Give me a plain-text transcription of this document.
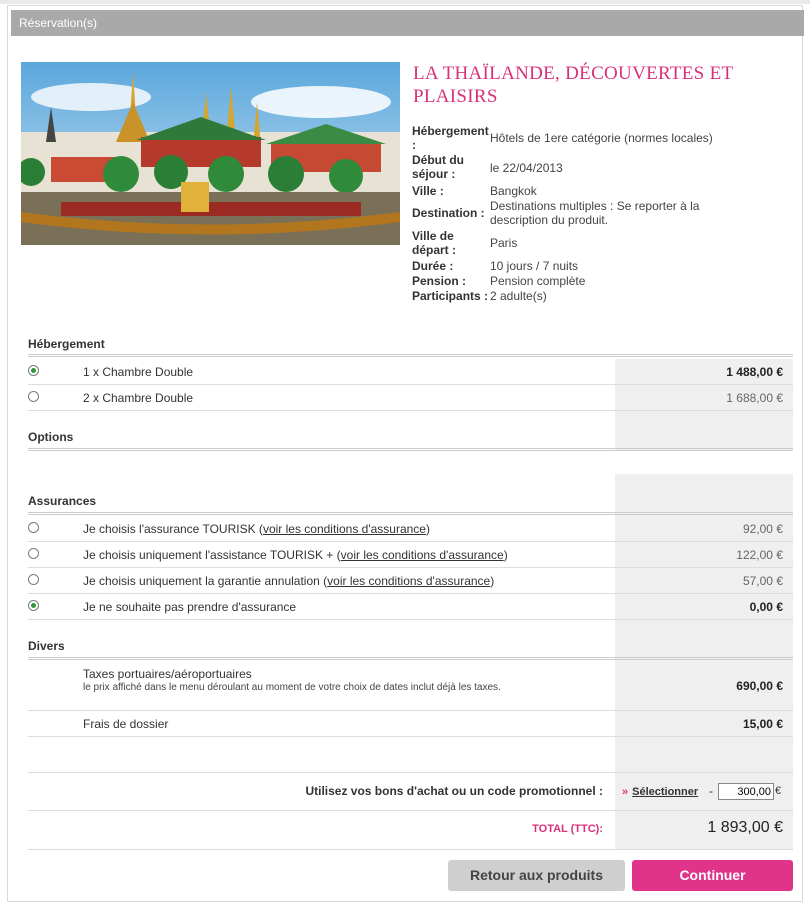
Réservation(s)
LA THAÏLANDE, DÉCOUVERTES ET PLAISIRS
Hébergement :	Hôtels de 1ere catégorie (normes locales)
Début du séjour :	le 22/04/2013
Ville :	Bangkok
Destination : Destinations multiples : Se reporter à la description du produit.
Ville de départ :	Paris
Durée :	10 jours / 7 nuits
Pension :	Pension complète
Participants : 2 adulte(s)
Hébergement
1 x Chambre Double	1 488,00 €
2 x Chambre Double	1 688,00 €
Options
Assurances
Je choisis l'assurance TOURISK (voir les conditions d'assurance)	92,00 €
Je choisis uniquement l'assistance TOURISK + (voir les conditions d'assurance)	122,00 €
Je choisis uniquement la garantie annulation (voir les conditions d'assurance)	57,00 €
Je ne souhaite pas prendre d'assurance	0,00 €
Divers
Taxes portuaires/aéroportuaires
le prix affiché dans le menu déroulant au moment de votre choix de dates inclut déjà les taxes.	690,00 €
Frais de dossier	15,00 €
Utilisez vos bons d'achat ou un code promotionnel : » Sélectionner -
300,00	€
TOTAL (TTC):	1 893,00 €
Retour aux produits	Continuer
